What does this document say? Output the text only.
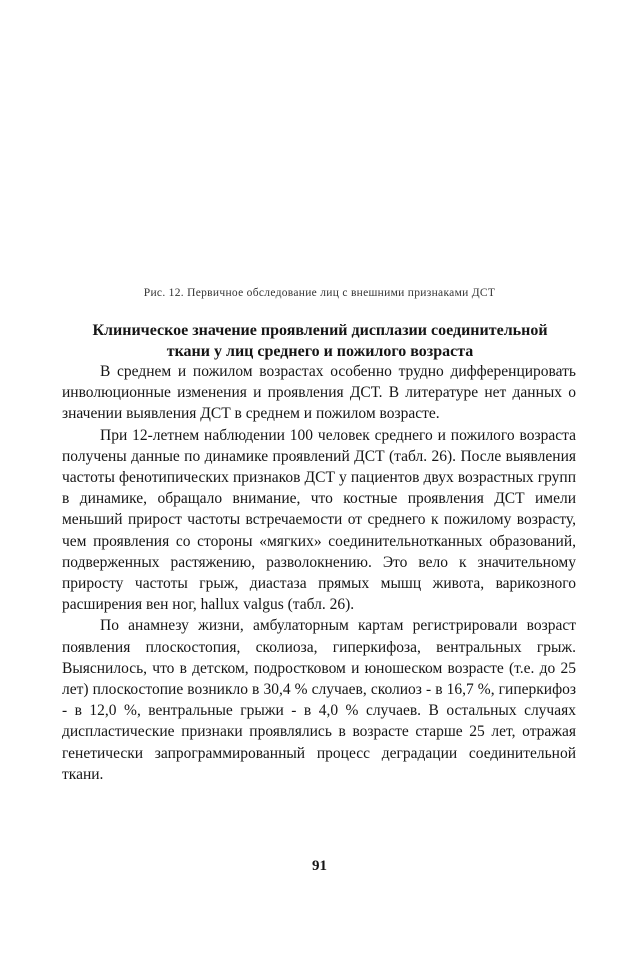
Рис. 12. Первичное обследование лиц с внешними признаками ДСТ
Клиническое значение проявлений дисплазии соединительной
ткани у лиц среднего и пожилого возраста

В среднем и пожилом возрастах особенно трудно дифференцировать инволюционные изменения и проявления ДСТ. В литературе нет данных о значении выявления ДСТ в среднем и пожилом возрасте.

При 12-летнем наблюдении 100 человек среднего и пожилого возраста получены данные по динамике проявлений ДСТ (табл. 26). После выявления частоты фенотипических признаков ДСТ у пациентов двух возрастных групп в динамике, обращало внимание, что костные проявления ДСТ имели меньший прирост частоты встречаемости от среднего к пожилому возрасту, чем проявления со стороны «мягких» соединительнотканных образований, подверженных растяжению, разволокнению. Это вело к значительному приросту частоты грыж, диастаза прямых мышц живота, варикозного расширения вен ног, hallux valgus (табл. 26).

По анамнезу жизни, амбулаторным картам регистрировали возраст появления плоскостопия, сколиоза, гиперкифоза, вентральных грыж. Выяснилось, что в детском, подростковом и юношеском возрасте (т.е. до 25 лет) плоскостопие возникло в 30,4 % случаев, сколиоз - в 16,7 %, гиперкифоз - в 12,0 %, вентральные грыжи - в 4,0 % случаев. В остальных случаях диспластические признаки проявлялись в возрасте старше 25 лет, отражая генетически запрограммированный процесс деградации соединительной ткани.

91
